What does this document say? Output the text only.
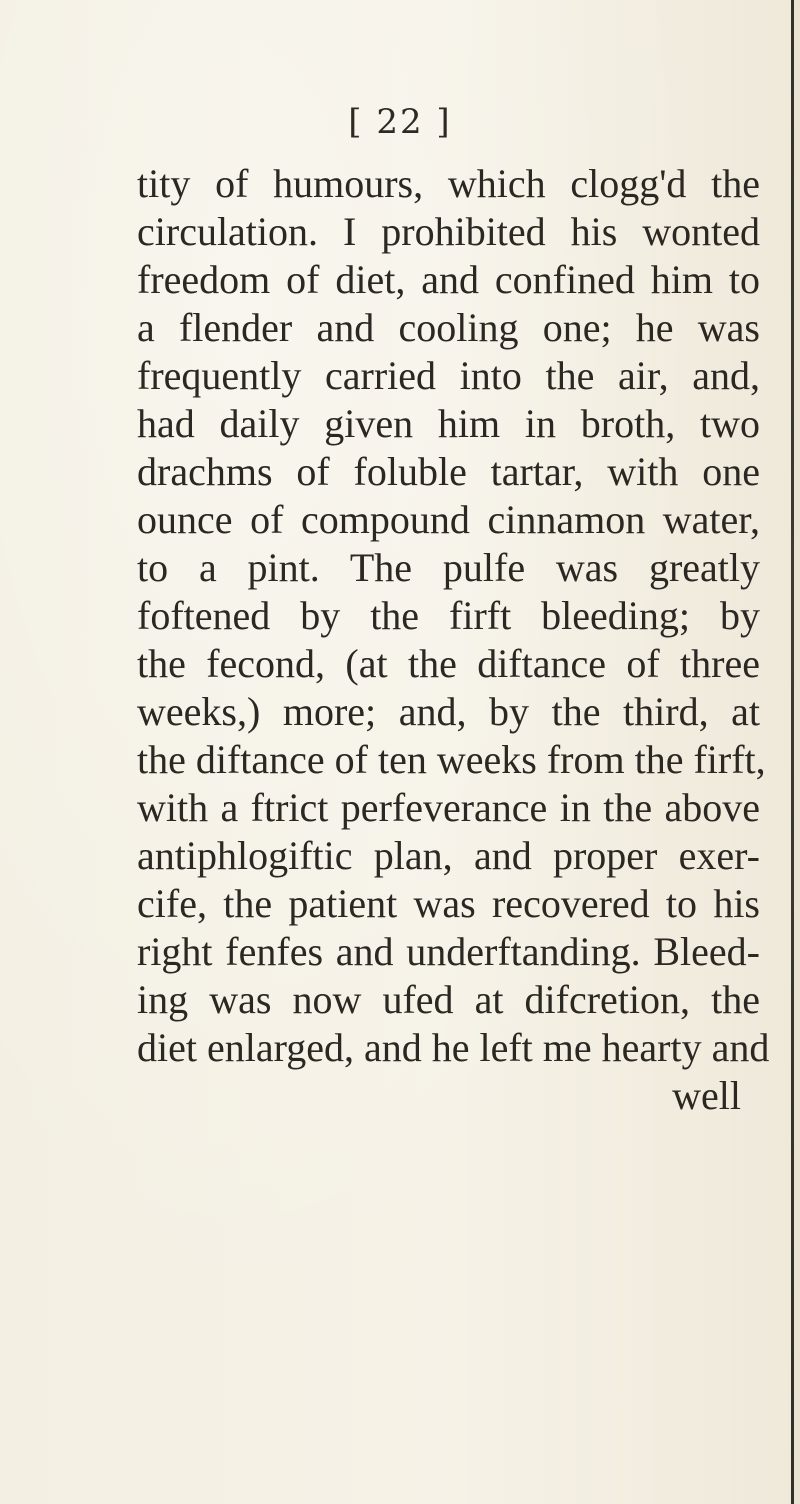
[ 22 ]
tity of humours, which clogg'd the
circulation. I prohibited his wonted
freedom of diet, and confined him to
a flender and cooling one; he was
frequently carried into the air, and,
had daily given him in broth, two
drachms of foluble tartar, with one
ounce of compound cinnamon water,
to a pint. The pulfe was greatly
foftened by the firft bleeding; by
the fecond, (at the diftance of three
weeks,) more; and, by the third, at
the diftance of ten weeks from the firft,
with a ftrict perfeverance in the above
antiphlogiftic plan, and proper exer-
cife, the patient was recovered to his
right fenfes and underftanding. Bleed-
ing was now ufed at difcretion, the
diet enlarged, and he left me hearty and
well
